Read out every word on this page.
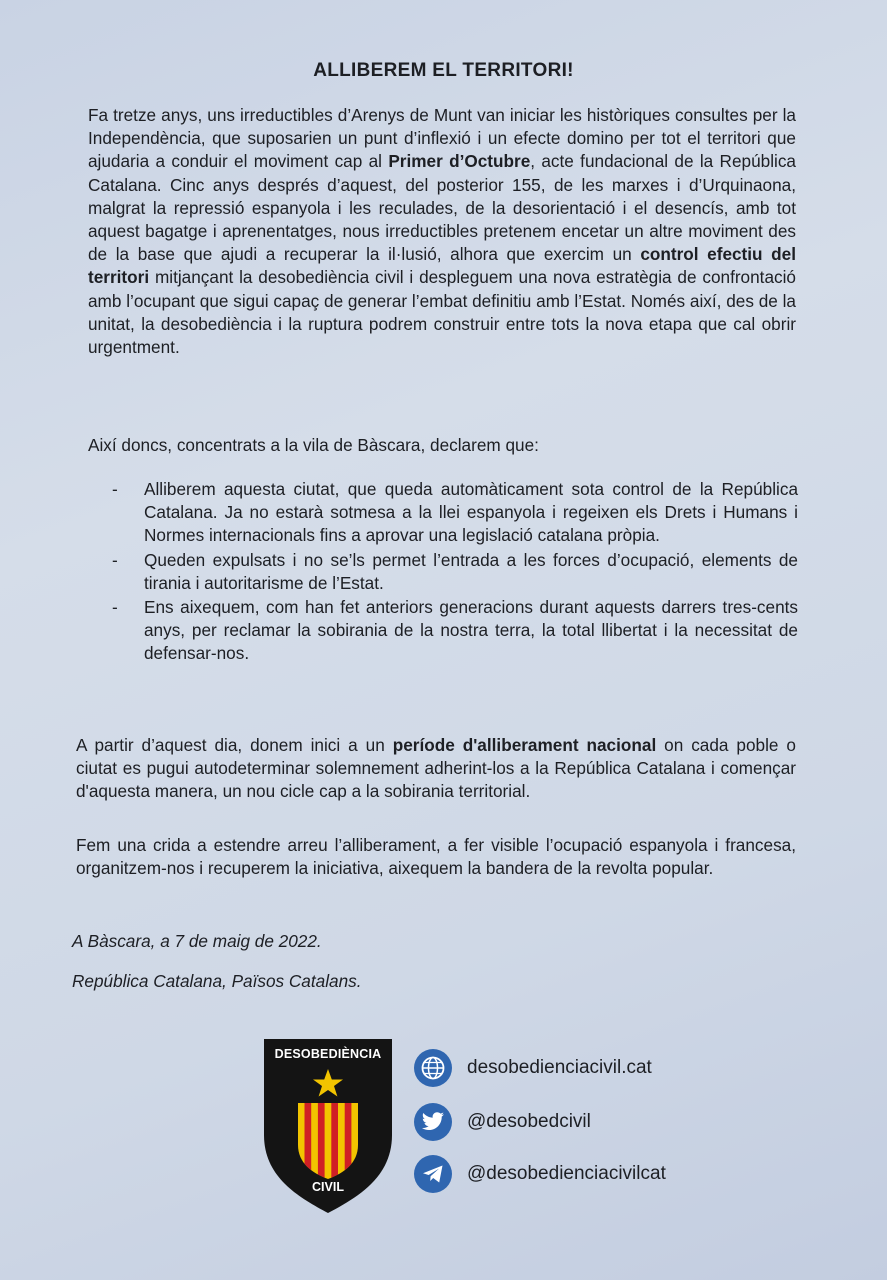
ALLIBEREM EL TERRITORI!
Fa tretze anys, uns irreductibles d’Arenys de Munt van iniciar les històriques consultes per la Independència, que suposarien un punt d’inflexió i un efecte domino per tot el territori que ajudaria a conduir el moviment cap al Primer d’Octubre, acte fundacional de la República Catalana. Cinc anys després d’aquest, del posterior 155, de les marxes i d’Urquinaona, malgrat la repressió espanyola i les reculades, de la desorientació i el desencís, amb tot aquest bagatge i aprenentatges, nous irreductibles pretenem encetar un altre moviment des de la base que ajudi a recuperar la il·lusió, alhora que exercim un control efectiu del territori mitjançant la desobediència civil i despleguem una nova estratègia de confrontació amb l’ocupant que sigui capaç de generar l’embat definitiu amb l’Estat. Només així, des de la unitat, la desobediència i la ruptura podrem construir entre tots la nova etapa que cal obrir urgentment.
Així doncs, concentrats a la vila de Bàscara, declarem que:
- Alliberem aquesta ciutat, que queda automàticament sota control de la República Catalana. Ja no estarà sotmesa a la llei espanyola i regeixen els Drets i Humans i Normes internacionals fins a aprovar una legislació catalana pròpia.
- Queden expulsats i no se’ls permet l’entrada a les forces d’ocupació, elements de tirania i autoritarisme de l’Estat.
- Ens aixequem, com han fet anteriors generacions durant aquests darrers tres-cents anys, per reclamar la sobirania de la nostra terra, la total llibertat i la necessitat de defensar-nos.
A partir d’aquest dia, donem inici a un període d'alliberament nacional on cada poble o ciutat es pugui autodeterminar solemnement adherint-los a la República Catalana i començar d'aquesta manera, un nou cicle cap a la sobirania territorial.
Fem una crida a estendre arreu l’alliberament, a fer visible l’ocupació espanyola i francesa, organitzem-nos i recuperem la iniciativa, aixequem la bandera de la revolta popular.
A Bàscara, a 7 de maig de 2022.
República Catalana, Països Catalans.
DESOBEDIÈNCIA
CIVIL
desobedienciacivil.cat
@desobedcivil
@desobedienciacivilcat
